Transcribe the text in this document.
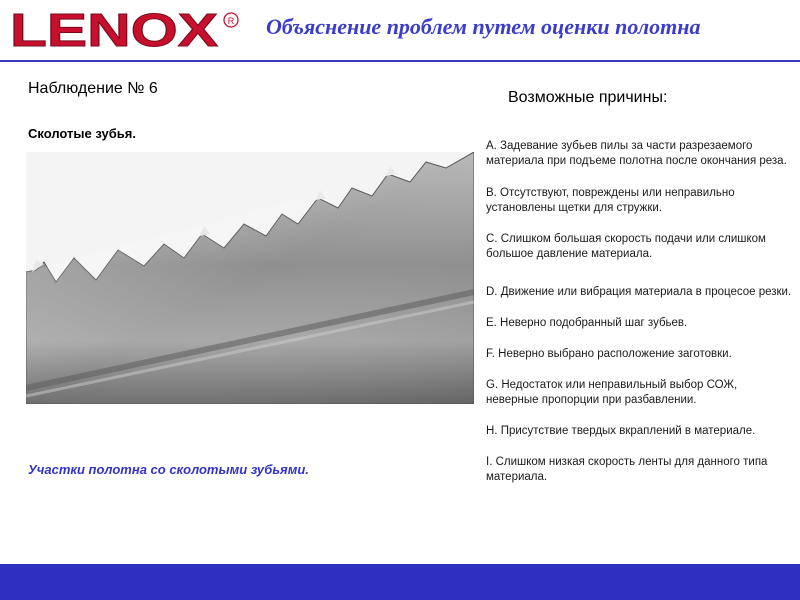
LENOX R Объяснение проблем путем оценки полотна
Наблюдение № 6
Сколотые зубья.
Участки полотна со сколотыми зубьями.
Возможные причины:
A. Задевание зубьев пилы за части разрезаемого материала при подъеме полотна после окончания реза.
B. Отсутствуют, повреждены или неправильно установлены щетки для стружки.
C. Слишком большая скорость подачи или слишком большое давление материала.
D. Движение или вибрация материала в процесое резки.
E. Неверно подобранный шаг зубьев.
F. Неверно выбрано расположение заготовки.
G. Недостаток или неправильный выбор СОЖ, неверные пропорции при разбавлении.
H. Присутствие твердых вкраплений в материале.
I. Слишком низкая скорость ленты для данного типа материала.
